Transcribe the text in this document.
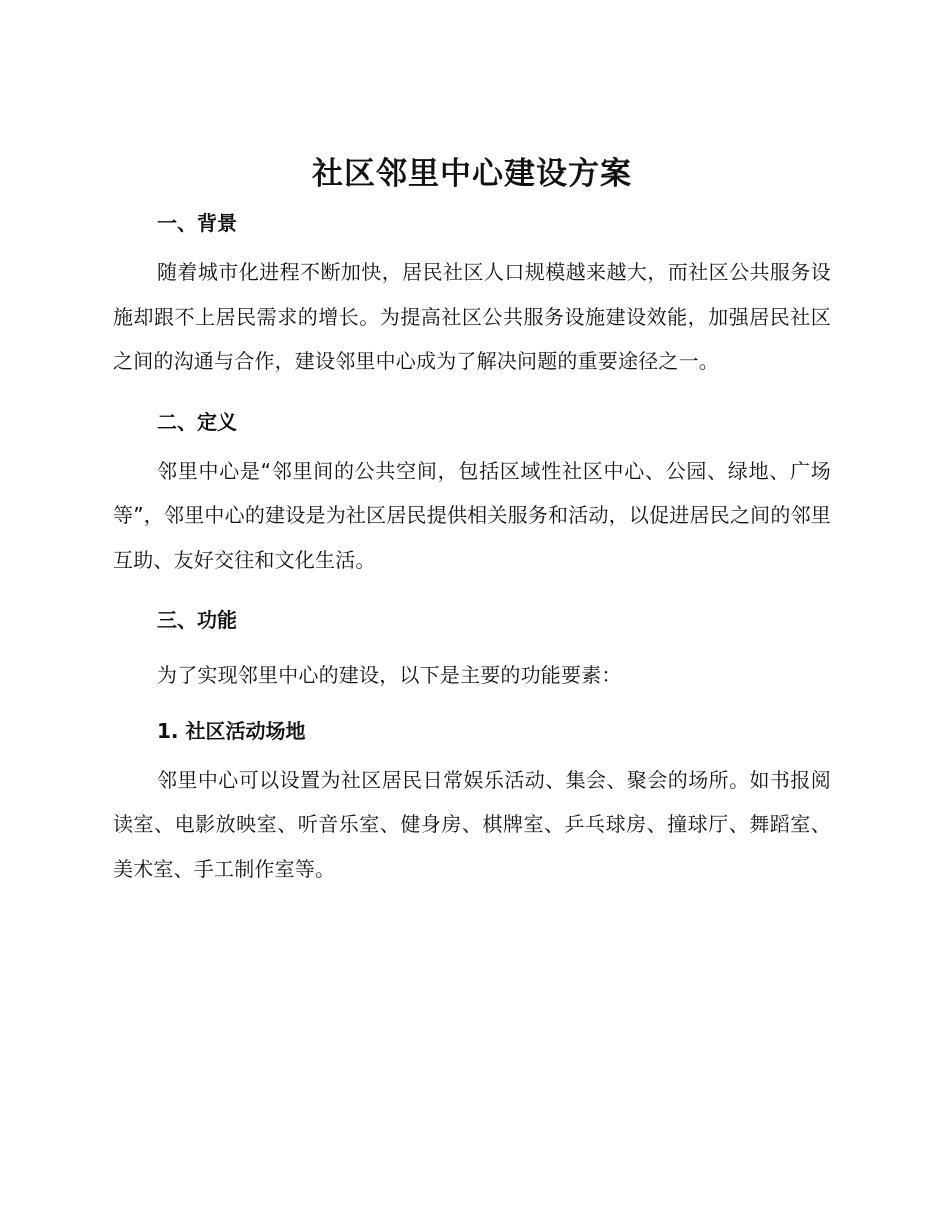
社区邻里中心建设方案
一、背景

随着城市化进程不断加快，居民社区人口规模越来越大，而社区公共服务设施却跟不上居民需求的增长。为提高社区公共服务设施建设效能，加强居民社区之间的沟通与合作，建设邻里中心成为了解决问题的重要途径之一。

二、定义

邻里中心是“邻里间的公共空间，包括区域性社区中心、公园、绿地、广场等”，邻里中心的建设是为社区居民提供相关服务和活动，以促进居民之间的邻里互助、友好交往和文化生活。

三、功能

为了实现邻里中心的建设，以下是主要的功能要素：

1. 社区活动场地

邻里中心可以设置为社区居民日常娱乐活动、集会、聚会的场所。如书报阅读室、电影放映室、听音乐室、健身房、棋牌室、乒乓球房、撞球厅、舞蹈室、美术室、手工制作室等。
